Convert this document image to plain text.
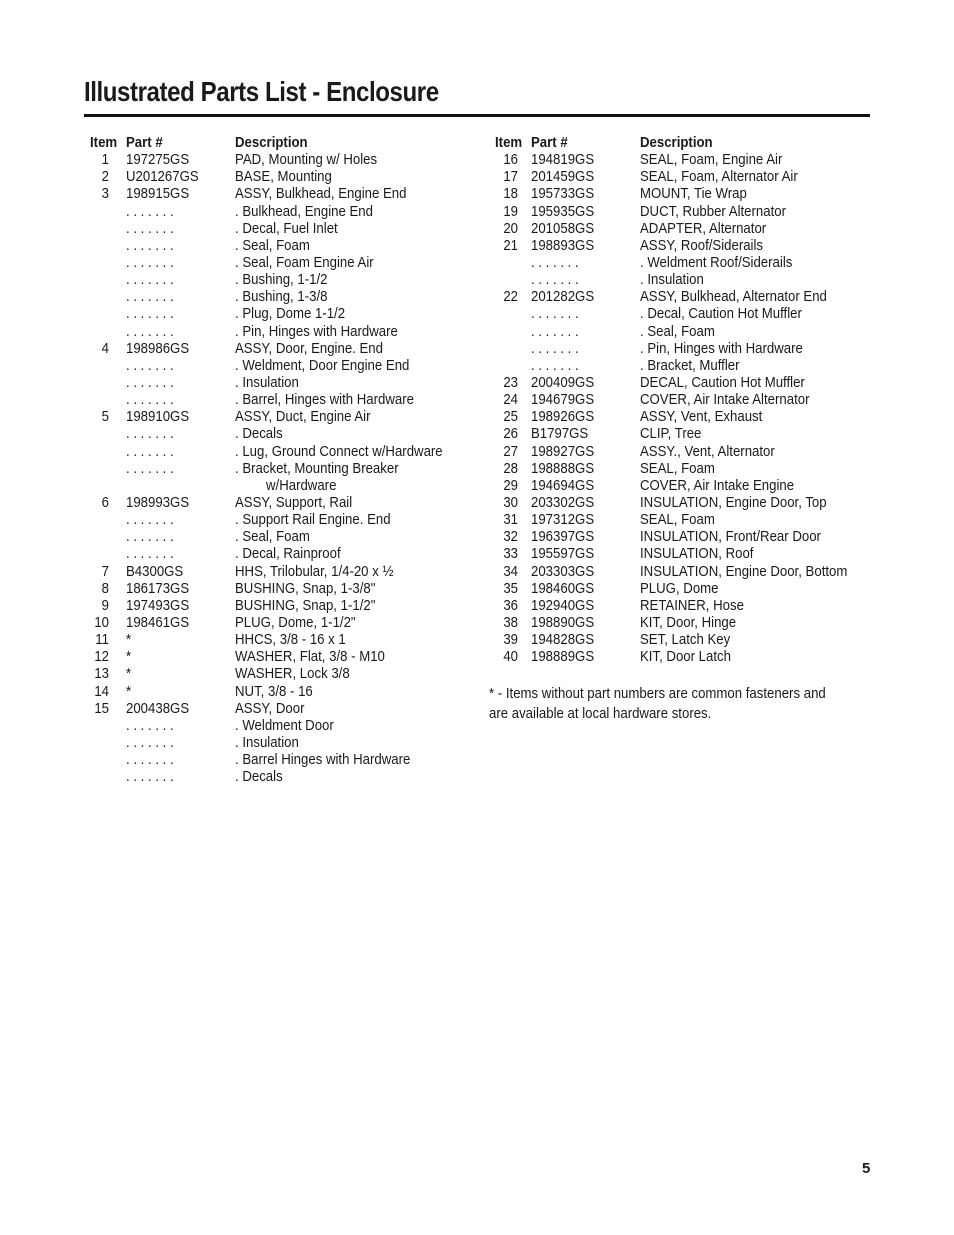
Illustrated Parts List - Enclosure
Item Part #	Description
1 197275GS	PAD, Mounting w/ Holes
2 U201267GS BASE, Mounting
3 198915GS	ASSY, Bulkhead, Engine End
. . . . . . .	. Bulkhead, Engine End
. . . . . . .	. Decal, Fuel Inlet
. . . . . . .	. Seal, Foam
. . . . . . .	. Seal, Foam Engine Air
. . . . . . .	. Bushing, 1-1/2
. . . . . . .	. Bushing, 1-3/8
. . . . . . .	. Plug, Dome 1-1/2
. . . . . . .	. Pin, Hinges with Hardware
4 198986GS	ASSY, Door, Engine. End
. . . . . . .	. Weldment, Door Engine End
. . . . . . .	. Insulation
. . . . . . .	. Barrel, Hinges with Hardware
5 198910GS	ASSY, Duct, Engine Air
. . . . . . .	. Decals
. . . . . . .	. Lug, Ground Connect w/Hardware
. . . . . . .	. Bracket, Mounting Breaker
w/Hardware
6 198993GS	ASSY, Support, Rail
. . . . . . .	. Support Rail Engine. End
. . . . . . .	. Seal, Foam
. . . . . . .	. Decal, Rainproof
7 B4300GS	HHS, Trilobular, 1/4-20 x ½
8 186173GS	BUSHING, Snap, 1-3/8"
9 197493GS	BUSHING, Snap, 1-1/2"
10 198461GS	PLUG, Dome, 1-1/2"
11 *	HHCS, 3/8 - 16 x 1
12 *	WASHER, Flat, 3/8 - M10
13 *	WASHER, Lock 3/8
14 *	NUT, 3/8 - 16
15 200438GS	ASSY, Door
. . . . . . .	. Weldment Door
. . . . . . .	. Insulation
. . . . . . .	. Barrel Hinges with Hardware
. . . . . . .	. Decals
Item Part #	Description
16 194819GS	SEAL, Foam, Engine Air
17 201459GS	SEAL, Foam, Alternator Air
18 195733GS	MOUNT, Tie Wrap
19 195935GS	DUCT, Rubber Alternator
20 201058GS	ADAPTER, Alternator
21 198893GS	ASSY, Roof/Siderails
. . . . . . .	. Weldment Roof/Siderails
. . . . . . .	. Insulation
22 201282GS	ASSY, Bulkhead, Alternator End
. . . . . . .	. Decal, Caution Hot Muffler
. . . . . . .	. Seal, Foam
. . . . . . .	. Pin, Hinges with Hardware
. . . . . . .	. Bracket, Muffler
23 200409GS	DECAL, Caution Hot Muffler
24 194679GS	COVER, Air Intake Alternator
25 198926GS	ASSY, Vent, Exhaust
26 B1797GS	CLIP, Tree
27 198927GS	ASSY., Vent, Alternator
28 198888GS	SEAL, Foam
29 194694GS	COVER, Air Intake Engine
30 203302GS	INSULATION, Engine Door, Top
31 197312GS	SEAL, Foam
32 196397GS	INSULATION, Front/Rear Door
33 195597GS	INSULATION, Roof
34 203303GS	INSULATION, Engine Door, Bottom
35 198460GS	PLUG, Dome
36 192940GS	RETAINER, Hose
38 198890GS	KIT, Door, Hinge
39 194828GS	SET, Latch Key
40 198889GS	KIT, Door Latch
* - Items without part numbers are common fasteners and
are available at local hardware stores.
5
